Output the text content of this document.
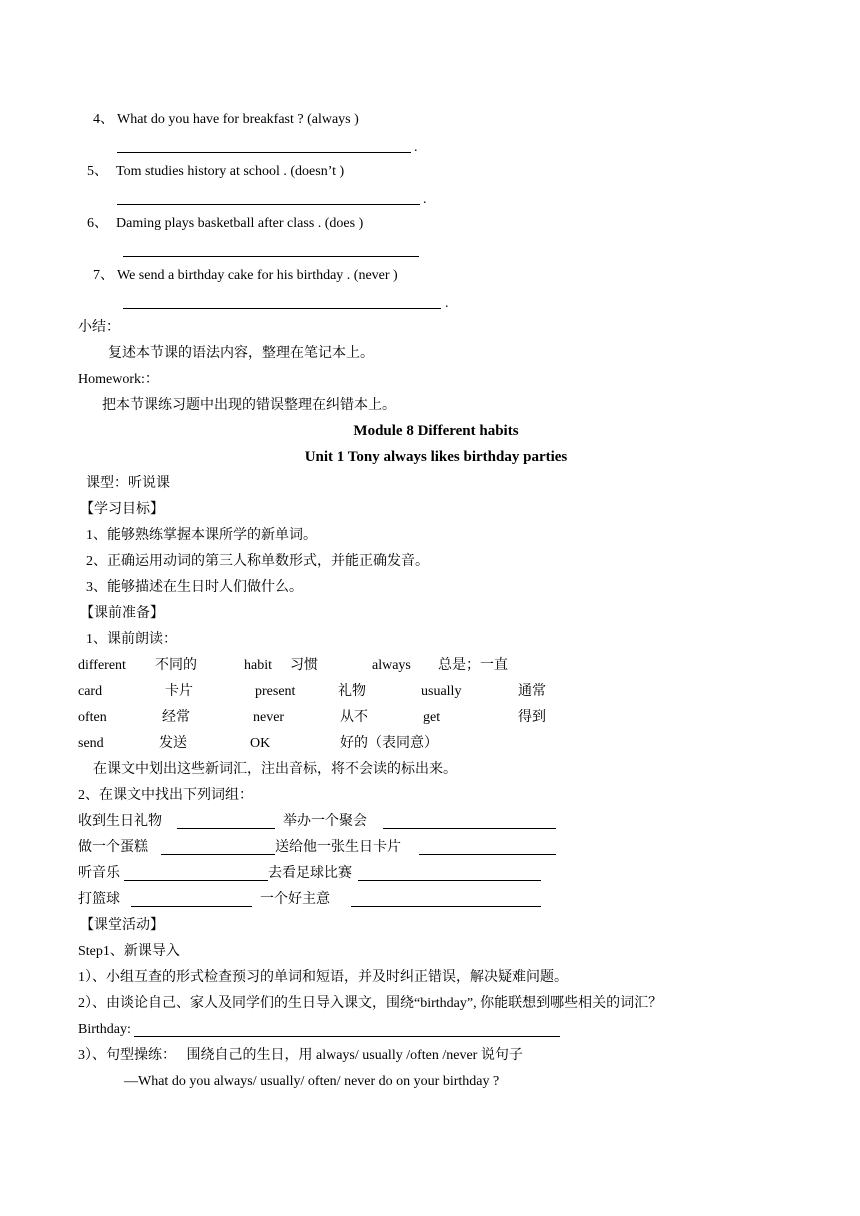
4、 What do you have for breakfast ? (always )
.
5、 Tom studies history at school . (doesn’t )
.
6、 Daming plays basketball after class . (does )
7、 We send a birthday cake for his birthday . (never )
.
小结：
复述本节课的语法内容，整理在笔记本上。
Homework:：
把本节课练习题中出现的错误整理在纠错本上。
Module 8 Different habits
Unit 1 Tony always likes birthday parties
课型：听说课
【学习目标】
1、能够熟练掌握本课所学的新单词。
2、正确运用动词的第三人称单数形式，并能正确发音。
3、能够描述在生日时人们做什么。
【课前准备】
1、课前朗读：
different 不同的	habit 习惯	always 总是；一直
card	卡片	present	礼物	usually	通常
often	经常	never	从不	get	得到
send	发送	OK	好的（表同意）
在课文中划出这些新词汇，注出音标，将不会读的标出来。
2、在课文中找出下列词组：
收到生日礼物	举办一个聚会
做一个蛋糕	送给他一张生日卡片
听音乐	去看足球比赛
打篮球	一个好主意
【课堂活动】
Step1、新课导入
1）、小组互查的形式检查预习的单词和短语，并及时纠正错误，解决疑难问题。
2）、由谈论自己、家人及同学们的生日导入课文，围绕“birthday”, 你能联想到哪些相关的词汇？
Birthday:
3）、句型操练：   围绕自己的生日，用 always/ usually /often /never 说句子
—What do you always/ usually/ often/ never do on your birthday ?
